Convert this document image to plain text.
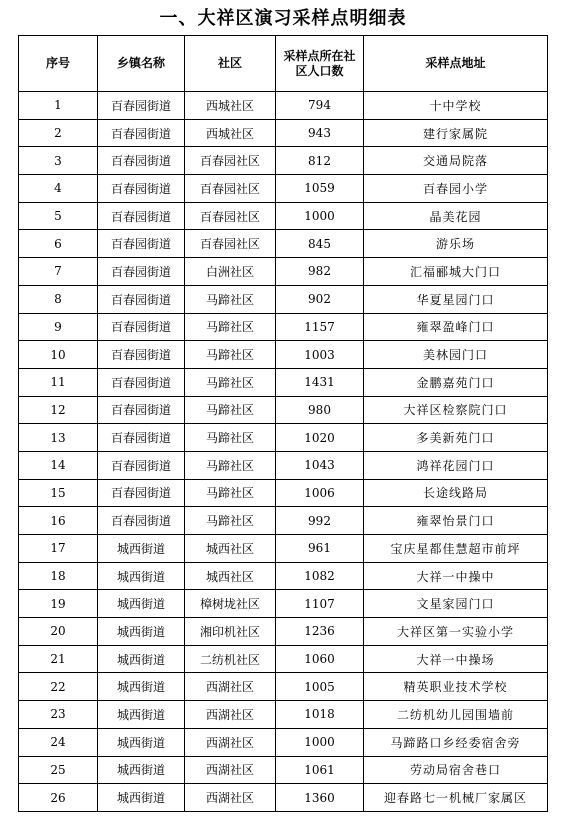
一、大祥区演习采样点明细表
序号	乡镇名称	社区	采样点所在社区人口数	采样点地址
1	百春园街道	西城社区	794	十中学校
2	百春园街道	西城社区	943	建行家属院
3	百春园街道	百春园社区	812	交通局院落
4	百春园街道	百春园社区	1059	百春园小学
5	百春园街道	百春园社区	1000	晶美花园
6	百春园街道	百春园社区	845	游乐场
7	百春园街道	白洲社区	982	汇福郦城大门口
8	百春园街道	马蹄社区	902	华夏星园门口
9	百春园街道	马蹄社区	1157	雍翠盈峰门口
10	百春园街道	马蹄社区	1003	美林园门口
11	百春园街道	马蹄社区	1431	金鹏嘉苑门口
12	百春园街道	马蹄社区	980	大祥区检察院门口
13	百春园街道	马蹄社区	1020	多美新苑门口
14	百春园街道	马蹄社区	1043	鸿祥花园门口
15	百春园街道	马蹄社区	1006	长途线路局
16	百春园街道	马蹄社区	992	雍翠怡景门口
17	城西街道	城西社区	961	宝庆星都佳慧超市前坪
18	城西街道	城西社区	1082	大祥一中操中
19	城西街道	樟树垅社区	1107	文星家园门口
20	城西街道	湘印机社区	1236	大祥区第一实验小学
21	城西街道	二纺机社区	1060	大祥一中操场
22	城西街道	西湖社区	1005	精英职业技术学校
23	城西街道	西湖社区	1018	二纺机幼儿园围墙前
24	城西街道	西湖社区	1000	马蹄路口乡经委宿舍旁
25	城西街道	西湖社区	1061	劳动局宿舍巷口
26	城西街道	西湖社区	1360	迎春路七一机械厂家属区
